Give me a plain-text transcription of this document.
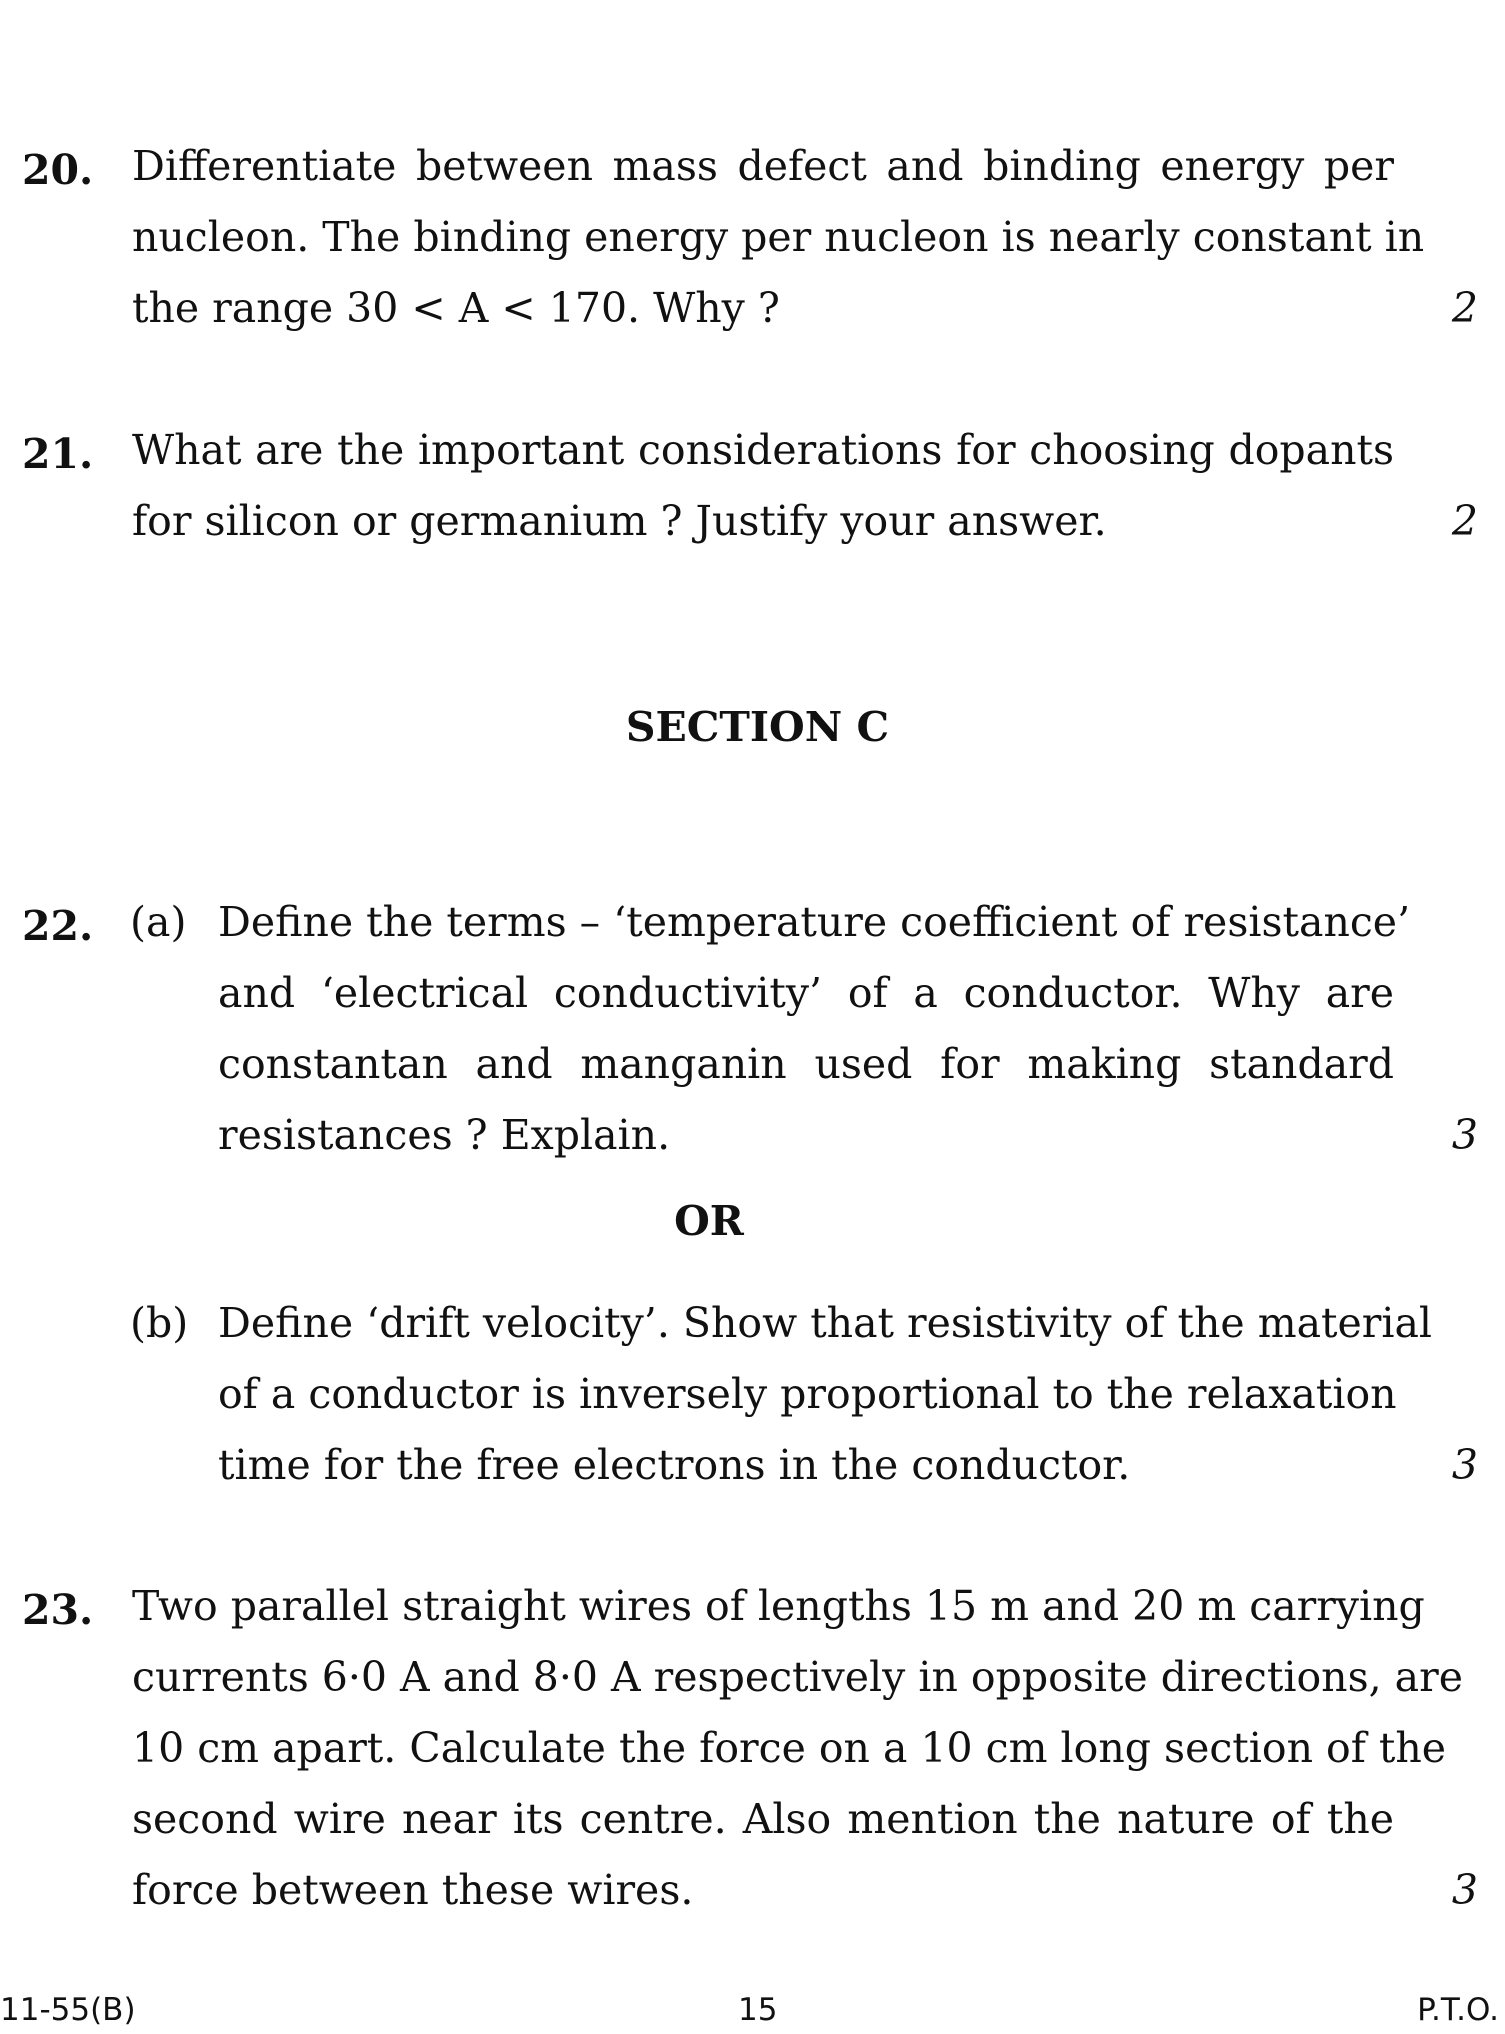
20. Differentiate between mass defect and binding energy per
nucleon. The binding energy per nucleon is nearly constant in
the range 30 < A < 170. Why ?	2
21. What are the important considerations for choosing dopants
for silicon or germanium ? Justify your answer.	2
SECTION C
22. (a) Define the terms – ‘temperature coefficient of resistance’
and ‘electrical conductivity’ of a conductor. Why are
constantan and manganin used for making standard
resistances ? Explain.	3
OR
(b) Define ‘drift velocity’. Show that resistivity of the material
of a conductor is inversely proportional to the relaxation
time for the free electrons in the conductor.	3
23. Two parallel straight wires of lengths 15 m and 20 m carrying
currents 6·0 A and 8·0 A respectively in opposite directions, are
10 cm apart. Calculate the force on a 10 cm long section of the
second wire near its centre. Also mention the nature of the
force between these wires.	3
11-55(B)	15	P.T.O.
